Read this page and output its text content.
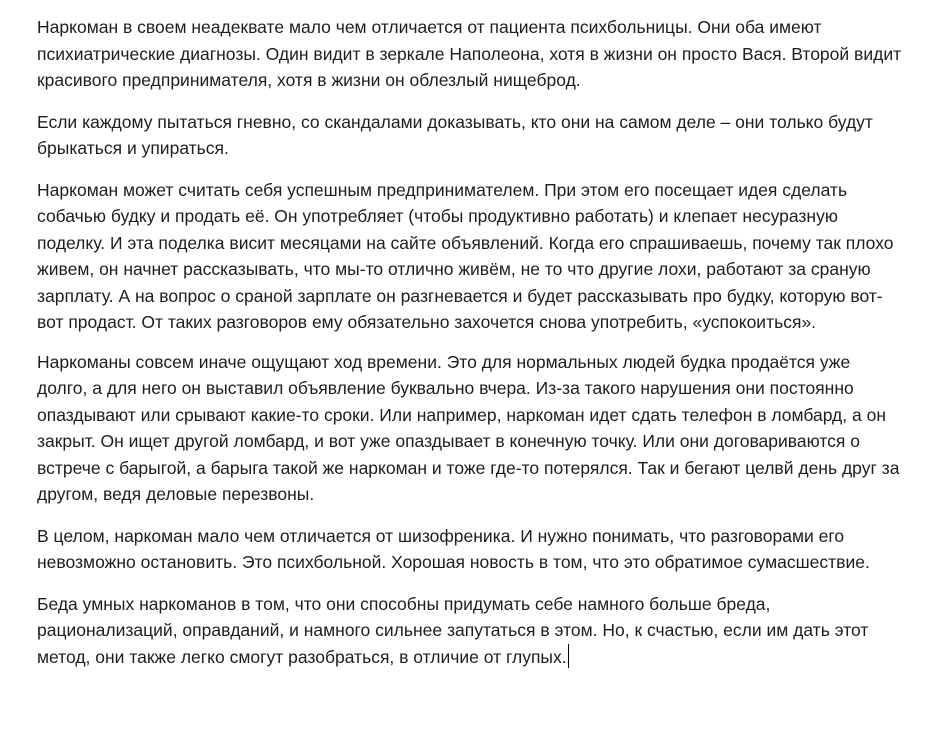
Наркоман в своем неадеквате мало чем отличается от пациента психбольницы. Они оба имеют психиатрические диагнозы. Один видит в зеркале Наполеона, хотя в жизни он просто Вася. Второй видит красивого предпринимателя, хотя в жизни он облезлый нищеброд.

Если каждому пытаться гневно, со скандалами доказывать, кто они на самом деле – они только будут брыкаться и упираться.

Наркоман может считать себя успешным предпринимателем. При этом его посещает идея сделать собачью будку и продать её. Он употребляет (чтобы продуктивно работать) и клепает несуразную поделку. И эта поделка висит месяцами на сайте объявлений. Когда его спрашиваешь, почему так плохо живем, он начнет рассказывать, что мы-то отлично живём, не то что другие лохи, работают за сраную зарплату. А на вопрос о сраной зарплате он разгневается и будет рассказывать про будку, которую вот-вот продаст. От таких разговоров ему обязательно захочется снова употребить, «успокоиться».

Наркоманы совсем иначе ощущают ход времени. Это для нормальных людей будка продаётся уже долго, а для него он выставил объявление буквально вчера. Из-за такого нарушения они постоянно опаздывают или срывают какие-то сроки. Или например, наркоман идет сдать телефон в ломбард, а он закрыт. Он ищет другой ломбард, и вот уже опаздывает в конечную точку. Или они договариваются о встрече с барыгой, а барыга такой же наркоман и тоже где-то потерялся. Так и бегают целвй день друг за другом, ведя деловые перезвоны.

В целом, наркоман мало чем отличается от шизофреника. И нужно понимать, что разговорами его невозможно остановить. Это психбольной. Хорошая новость в том, что это обратимое сумасшествие.

Беда умных наркоманов в том, что они способны придумать себе намного больше бреда, рационализаций, оправданий, и намного сильнее запутаться в этом. Но, к счастью, если им дать этот метод, они также легко смогут разобраться, в отличие от глупых.
